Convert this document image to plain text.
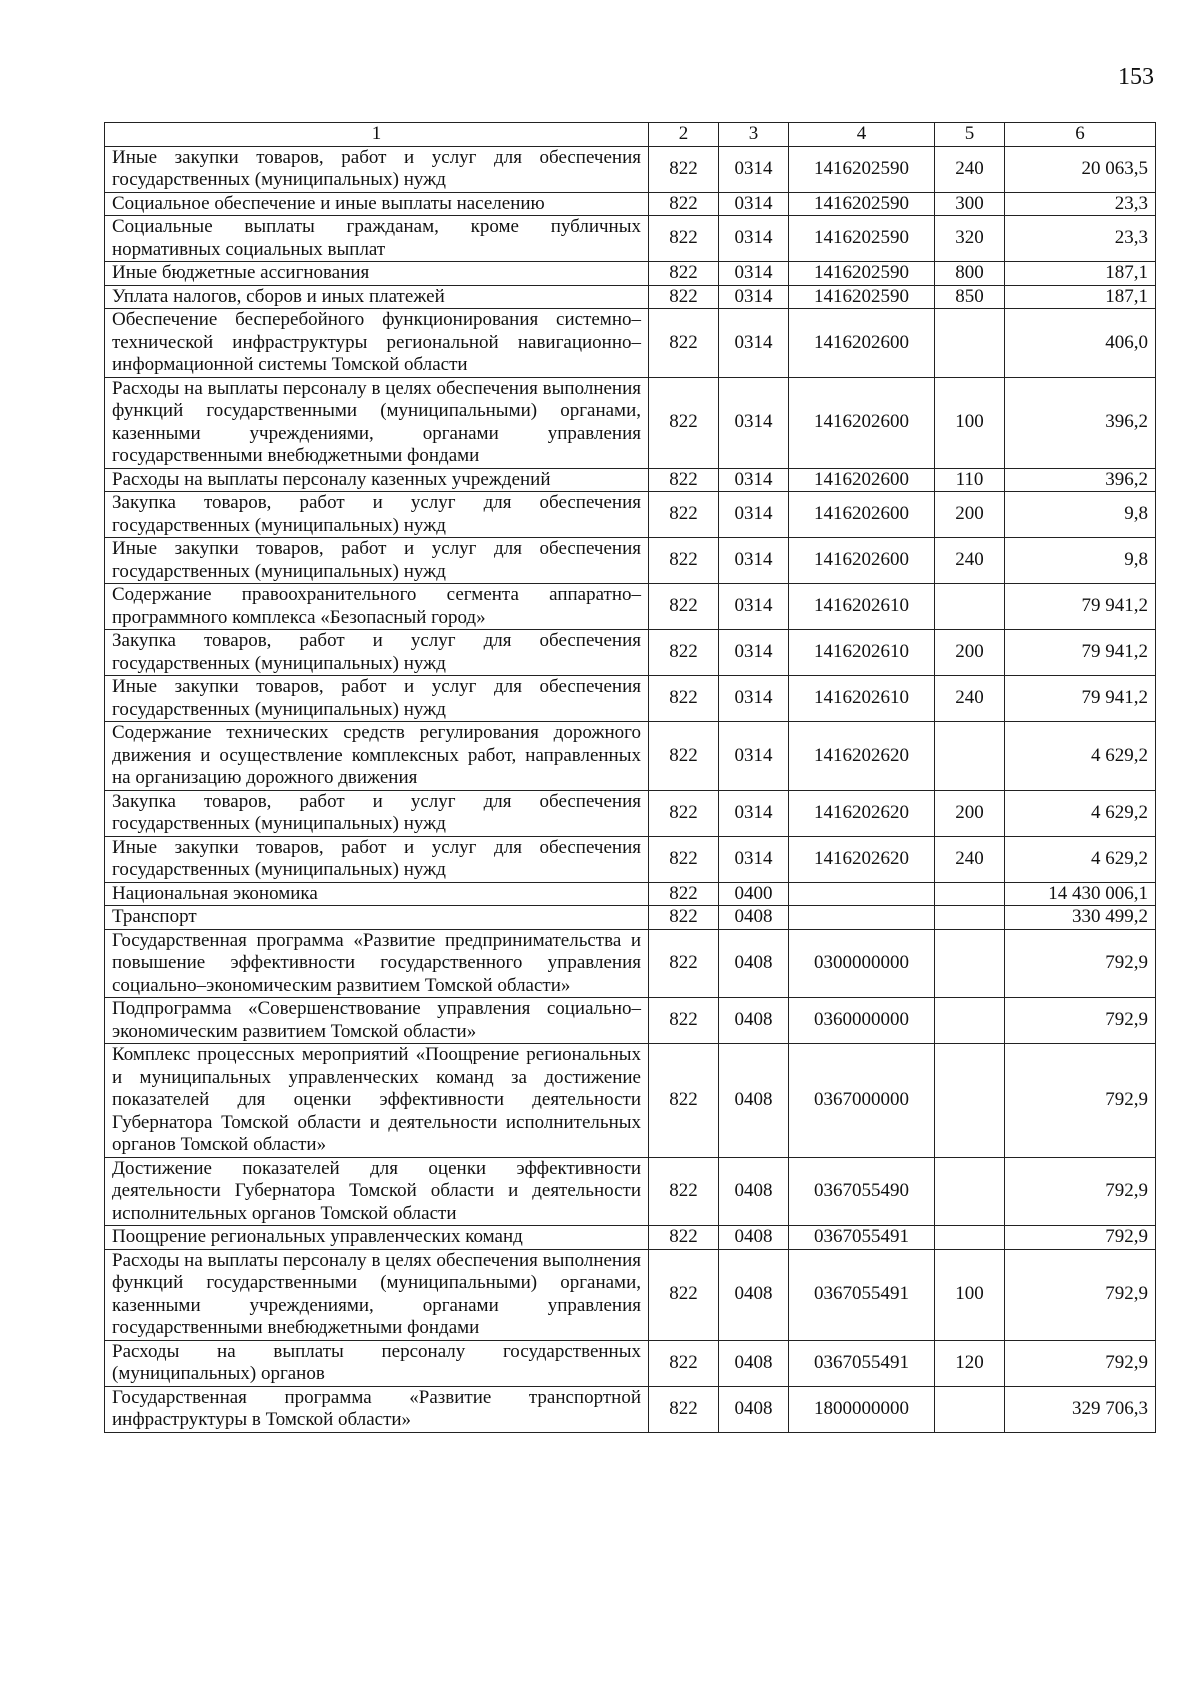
153
1	2	3	4	5	6
Иные закупки товаров, работ и услуг для обеспечения государственных (муниципальных) нужд	822	0314	1416202590	240	20 063,5
Социальное обеспечение и иные выплаты населению	822	0314	1416202590	300	23,3
Социальные выплаты гражданам, кроме публичных нормативных социальных выплат	822	0314	1416202590	320	23,3
Иные бюджетные ассигнования	822	0314	1416202590	800	187,1
Уплата налогов, сборов и иных платежей	822	0314	1416202590	850	187,1
Обеспечение бесперебойного функционирования системно–технической инфраструктуры региональной навигационно–информационной системы Томской области	822	0314	1416202600		406,0
Расходы на выплаты персоналу в целях обеспечения выполнения функций государственными (муниципальными) органами, казенными учреждениями, органами управления государственными внебюджетными фондами	822	0314	1416202600	100	396,2
Расходы на выплаты персоналу казенных учреждений	822	0314	1416202600	110	396,2
Закупка товаров, работ и услуг для обеспечения государственных (муниципальных) нужд	822	0314	1416202600	200	9,8
Иные закупки товаров, работ и услуг для обеспечения государственных (муниципальных) нужд	822	0314	1416202600	240	9,8
Содержание правоохранительного сегмента аппаратно–программного комплекса «Безопасный город»	822	0314	1416202610		79 941,2
Закупка товаров, работ и услуг для обеспечения государственных (муниципальных) нужд	822	0314	1416202610	200	79 941,2
Иные закупки товаров, работ и услуг для обеспечения государственных (муниципальных) нужд	822	0314	1416202610	240	79 941,2
Содержание технических средств регулирования дорожного движения и осуществление комплексных работ, направленных на организацию дорожного движения	822	0314	1416202620		4 629,2
Закупка товаров, работ и услуг для обеспечения государственных (муниципальных) нужд	822	0314	1416202620	200	4 629,2
Иные закупки товаров, работ и услуг для обеспечения государственных (муниципальных) нужд	822	0314	1416202620	240	4 629,2
Национальная экономика	822	0400			14 430 006,1
Транспорт	822	0408			330 499,2
Государственная программа «Развитие предпринимательства и повышение эффективности государственного управления социально–экономическим развитием Томской области»	822	0408	0300000000		792,9
Подпрограмма «Совершенствование управления социально–экономическим развитием Томской области»	822	0408	0360000000		792,9
Комплекс процессных мероприятий «Поощрение региональных и муниципальных управленческих команд за достижение показателей для оценки эффективности деятельности Губернатора Томской области и деятельности исполнительных органов Томской области»	822	0408	0367000000		792,9
Достижение показателей для оценки эффективности деятельности Губернатора Томской области и деятельности исполнительных органов Томской области	822	0408	0367055490		792,9
Поощрение региональных управленческих команд	822	0408	0367055491		792,9
Расходы на выплаты персоналу в целях обеспечения выполнения функций государственными (муниципальными) органами, казенными учреждениями, органами управления государственными внебюджетными фондами	822	0408	0367055491	100	792,9
Расходы на выплаты персоналу государственных (муниципальных) органов	822	0408	0367055491	120	792,9
Государственная программа «Развитие транспортной инфраструктуры в Томской области»	822	0408	1800000000		329 706,3
